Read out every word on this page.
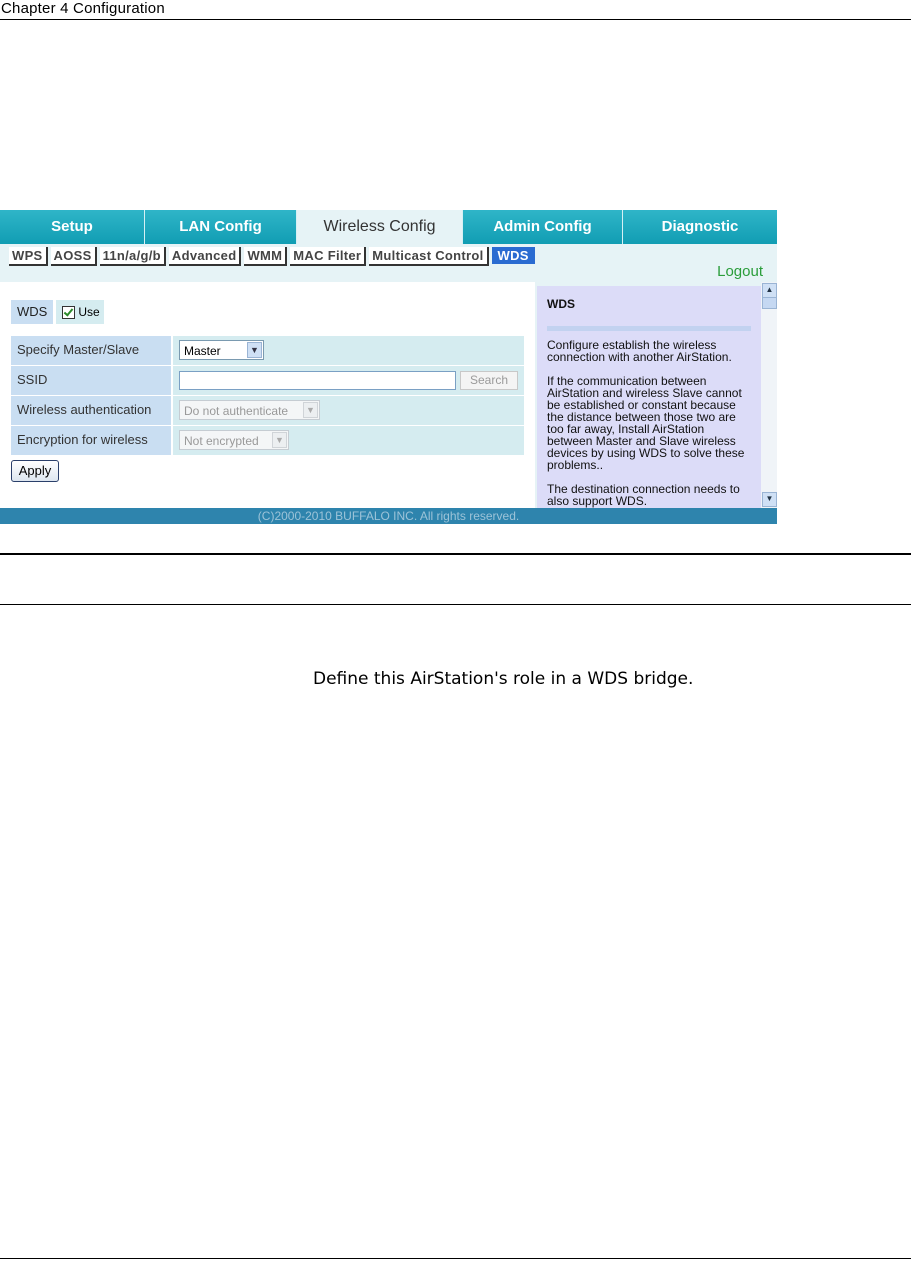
Chapter 4 Configuration
Setup	LAN Config	Wireless Config	Admin Config	Diagnostic
WPS AOSS 11n/a/g/b Advanced WMM MAC Filter Multicast Control	WDS
Logout
WDS	Use
Specify Master/Slave	Master	▼
SSID	Search
Wireless authentication	Do not authenticate	▼
Encryption for wireless	Not encrypted	▼
Apply
WDS

Configure establish the wireless connection with another AirStation.

If the communication between AirStation and wireless Slave cannot be established or constant because the distance between those two are too far away, Install AirStation between Master and Slave wireless devices by using WDS to solve these problems..

The destination connection needs to also support WDS.

▲
▼
(C)2000-2010 BUFFALO INC. All rights reserved.
Define this AirStation's role in a WDS bridge.
